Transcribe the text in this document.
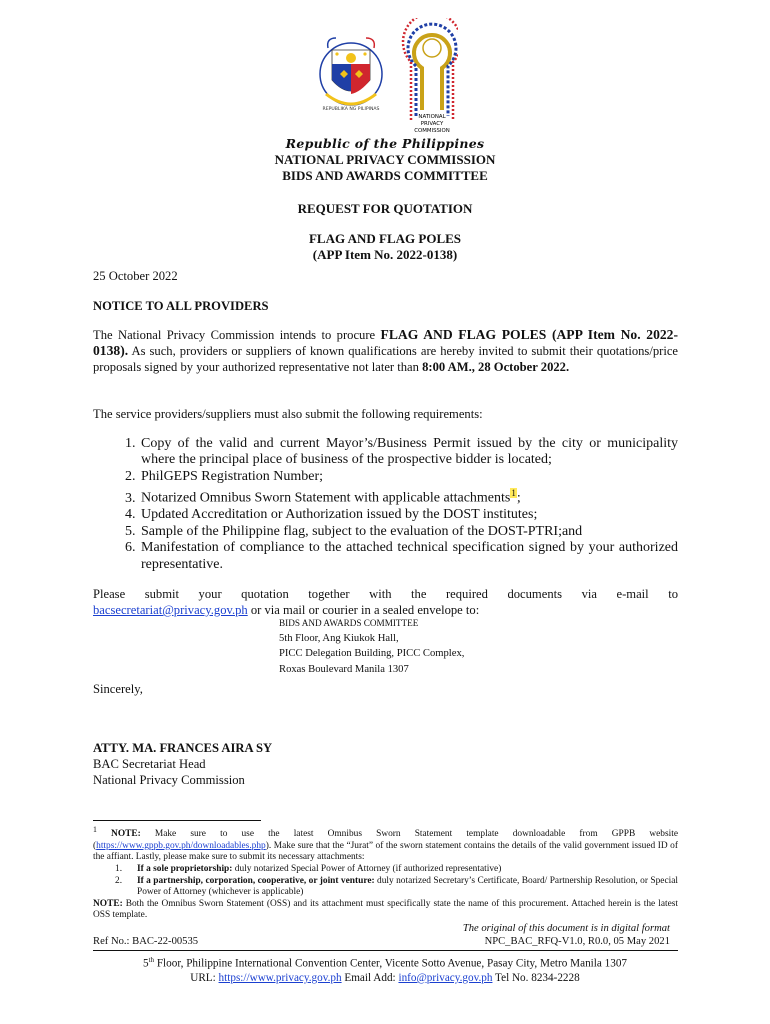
REPUBLIKA NG PILIPINAS
NATIONAL
PRIVACY
COMMISSION
Republic of the Philippines
NATIONAL PRIVACY COMMISSION
BIDS AND AWARDS COMMITTEE
REQUEST FOR QUOTATION
FLAG AND FLAG POLES
(APP Item No. 2022-0138)
25 October 2022
NOTICE TO ALL PROVIDERS
The National Privacy Commission intends to procure FLAG AND FLAG POLES (APP Item No. 2022-0138). As such, providers or suppliers of known qualifications are hereby invited to submit their quotations/price proposals signed by your authorized representative not later than 8:00 AM., 28 October 2022.
The service providers/suppliers must also submit the following requirements:
1. Copy of the valid and current Mayor’s/Business Permit issued by the city or municipality where the principal place of business of the prospective bidder is located;
2. PhilGEPS Registration Number;
3. Notarized Omnibus Sworn Statement with applicable attachments$^1$;
4. Updated Accreditation or Authorization issued by the DOST institutes;
5. Sample of the Philippine flag, subject to the evaluation of the DOST-PTRI;and
6. Manifestation of compliance to the attached technical specification signed by your authorized representative.
Please submit your quotation together with the required documents via e-mail to
bacsecretariat@privacy.gov.ph or via mail or courier in a sealed envelope to:
BIDS AND AWARDS COMMITTEE
5th Floor, Ang Kiukok Hall,
PICC Delegation Building, PICC Complex,
Roxas Boulevard Manila 1307
Sincerely,
ATTY. MA. FRANCES AIRA SY
BAC Secretariat Head
National Privacy Commission
$^1$ NOTE: Make sure to use the latest Omnibus Sworn Statement template downloadable from GPPB website (https://www.gppb.gov.ph/downloadables.php). Make sure that the “Jurat” of the sworn statement contains the details of the valid government issued ID of the affiant. Lastly, please make sure to submit its necessary attachments:
1. If a sole proprietorship: duly notarized Special Power of Attorney (if authorized representative)
2. If a partnership, corporation, cooperative, or joint venture: duly notarized Secretary’s Certificate, Board/ Partnership Resolution, or Special Power of Attorney (whichever is applicable)
NOTE: Both the Omnibus Sworn Statement (OSS) and its attachment must specifically state the name of this procurement. Attached herein is the latest OSS template.
Ref No.: BAC-22-00535
The original of this document is in digital format
NPC_BAC_RFQ-V1.0, R0.0, 05 May 2021
5th Floor, Philippine International Convention Center, Vicente Sotto Avenue, Pasay City, Metro Manila 1307
URL: https://www.privacy.gov.ph Email Add: info@privacy.gov.ph Tel No. 8234-2228
